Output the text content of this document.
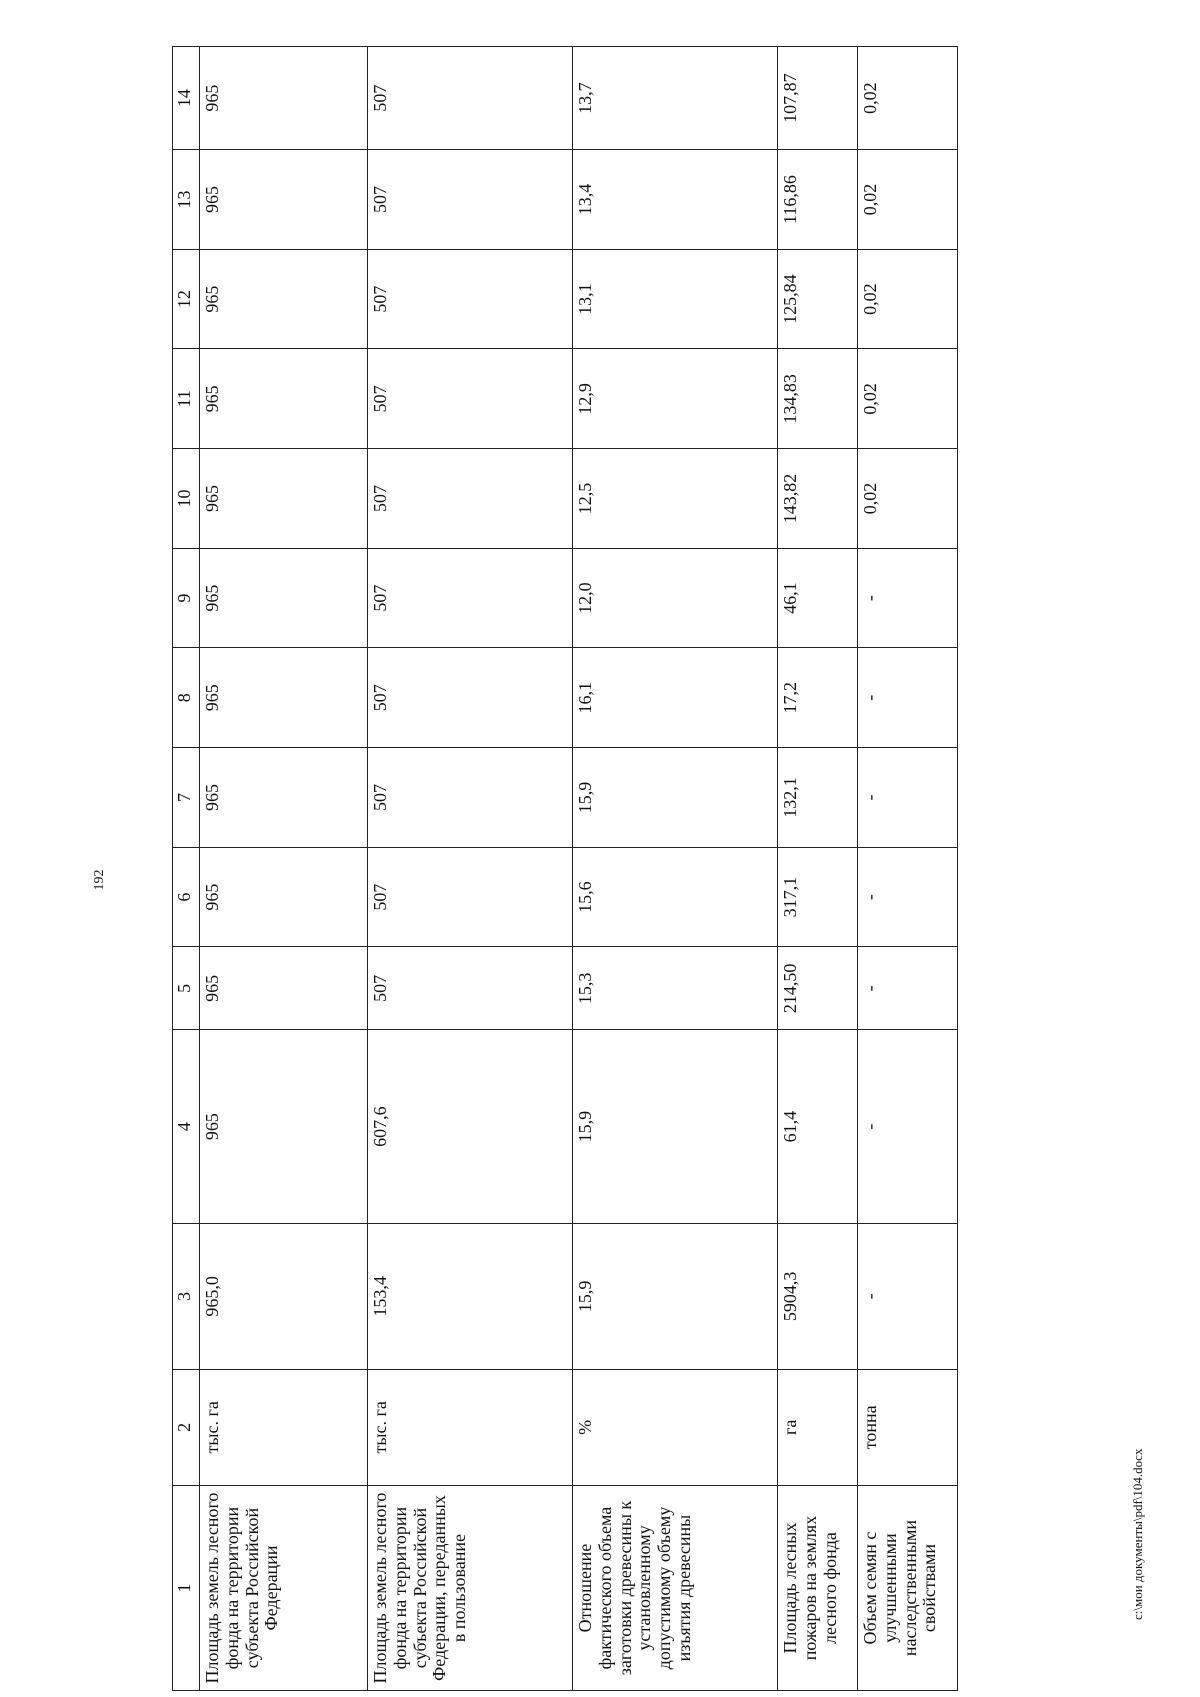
192
1	2	3	4	5	6	7	8	9	10	11	12	13	14
Площадь земель лесного фонда на территории субъекта Российской Федерации	тыс. га	965,0	965	965	965	965	965	965	965	965	965	965	965
Площадь земель лесного фонда на территории субъекта Российской Федерации, переданных в пользование	тыс. га	153,4	607,6	507	507	507	507	507	507	507	507	507	507
Отношение фактического объема заготовки древесины к установленному допустимому объему изъятия древесины	%	15,9	15,9	15,3	15,6	15,9	16,1	12,0	12,5	12,9	13,1	13,4	13,7
Площадь лесных пожаров на землях лесного фонда	га	5904,3	61,4	214,50	317,1	132,1	17,2	46,1	143,82	134,83	125,84	116,86	107,87
Объем семян с улучшенными наследственными свойствами	тонна	-	-	-	-	-	-	-	0,02	0,02	0,02	0,02	0,02
c:\мои документы\pdf\104.docx
